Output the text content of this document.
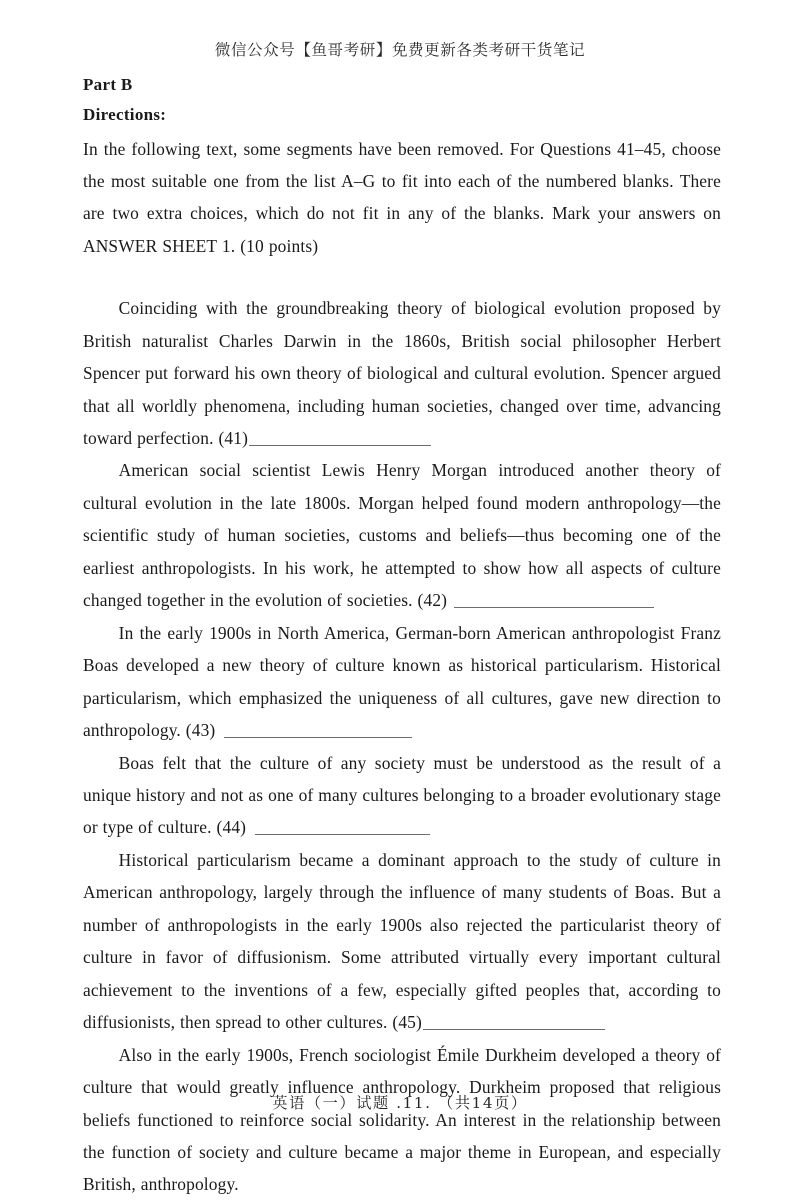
微信公众号【鱼哥考研】免费更新各类考研干货笔记
Part B
Directions:
In the following text, some segments have been removed. For Questions 41–45, choose the most suitable one from the list A–G to fit into each of the numbered blanks. There are two extra choices, which do not fit in any of the blanks. Mark your answers on ANSWER SHEET 1. (10 points)

Coinciding with the groundbreaking theory of biological evolution proposed by British naturalist Charles Darwin in the 1860s, British social philosopher Herbert Spencer put forward his own theory of biological and cultural evolution. Spencer argued that all worldly phenomena, including human societies, changed over time, advancing toward perfection. (41)

American social scientist Lewis Henry Morgan introduced another theory of cultural evolution in the late 1800s. Morgan helped found modern anthropology—the scientific study of human societies, customs and beliefs—thus becoming one of the earliest anthropologists. In his work, he attempted to show how all aspects of culture changed together in the evolution of societies. (42)

In the early 1900s in North America, German-born American anthropologist Franz Boas developed a new theory of culture known as historical particularism. Historical particularism, which emphasized the uniqueness of all cultures, gave new direction to anthropology. (43)

Boas felt that the culture of any society must be understood as the result of a unique history and not as one of many cultures belonging to a broader evolutionary stage or type of culture. (44)

Historical particularism became a dominant approach to the study of culture in American anthropology, largely through the influence of many students of Boas. But a number of anthropologists in the early 1900s also rejected the particularist theory of culture in favor of diffusionism. Some attributed virtually every important cultural achievement to the inventions of a few, especially gifted peoples that, according to diffusionists, then spread to other cultures. (45)

Also in the early 1900s, French sociologist Émile Durkheim developed a theory of culture that would greatly influence anthropology. Durkheim proposed that religious beliefs functioned to reinforce social solidarity. An interest in the relationship between the function of society and culture became a major theme in European, and especially British, anthropology.

英语（一）试题 .11. （共14页）
